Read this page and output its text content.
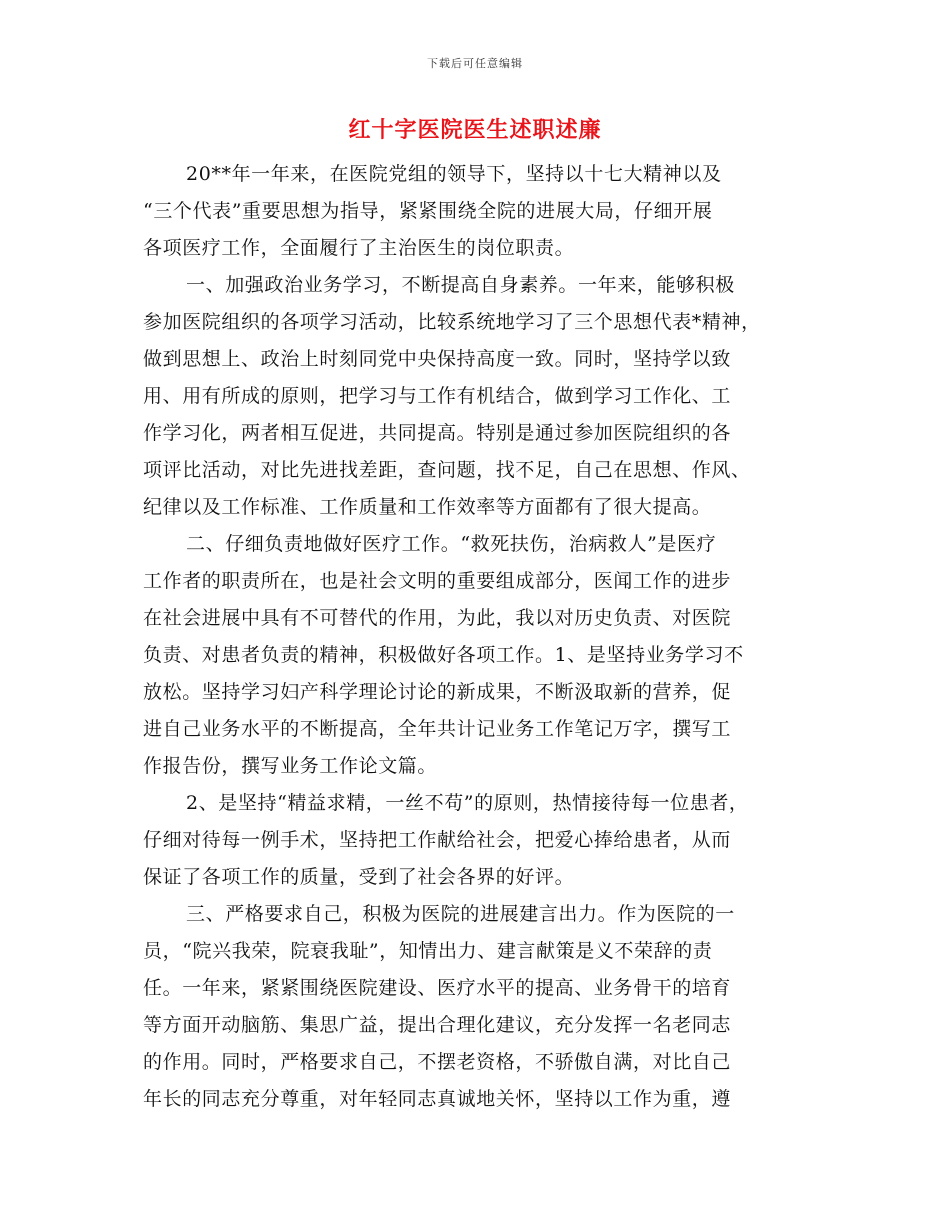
下载后可任意编辑
红十字医院医生述职述廉
20**年一年来，在医院党组的领导下，坚持以十七大精神以及
“三个代表”重要思想为指导，紧紧围绕全院的进展大局，仔细开展
各项医疗工作，全面履行了主治医生的岗位职责。
一、加强政治业务学习，不断提高自身素养。一年来，能够积极
参加医院组织的各项学习活动，比较系统地学习了三个思想代表*精神，
做到思想上、政治上时刻同党中央保持高度一致。同时，坚持学以致
用、用有所成的原则，把学习与工作有机结合，做到学习工作化、工
作学习化，两者相互促进，共同提高。特别是通过参加医院组织的各
项评比活动，对比先进找差距，查问题，找不足，自己在思想、作风、
纪律以及工作标准、工作质量和工作效率等方面都有了很大提高。
二、仔细负责地做好医疗工作。“救死扶伤，治病救人”是医疗
工作者的职责所在，也是社会文明的重要组成部分，医闻工作的进步
在社会进展中具有不可替代的作用，为此，我以对历史负责、对医院
负责、对患者负责的精神，积极做好各项工作。1、是坚持业务学习不
放松。坚持学习妇产科学理论讨论的新成果，不断汲取新的营养，促
进自己业务水平的不断提高，全年共计记业务工作笔记万字，撰写工
作报告份，撰写业务工作论文篇。
2、是坚持“精益求精，一丝不苟”的原则，热情接待每一位患者，
仔细对待每一例手术，坚持把工作献给社会，把爱心捧给患者，从而
保证了各项工作的质量，受到了社会各界的好评。
三、严格要求自己，积极为医院的进展建言出力。作为医院的一
员，“院兴我荣，院衰我耻”，知情出力、建言献策是义不荣辞的责
任。一年来，紧紧围绕医院建设、医疗水平的提高、业务骨干的培育
等方面开动脑筋、集思广益，提出合理化建议，充分发挥一名老同志
的作用。同时，严格要求自己，不摆老资格，不骄傲自满，对比自己
年长的同志充分尊重，对年轻同志真诚地关怀，坚持以工作为重，遵
